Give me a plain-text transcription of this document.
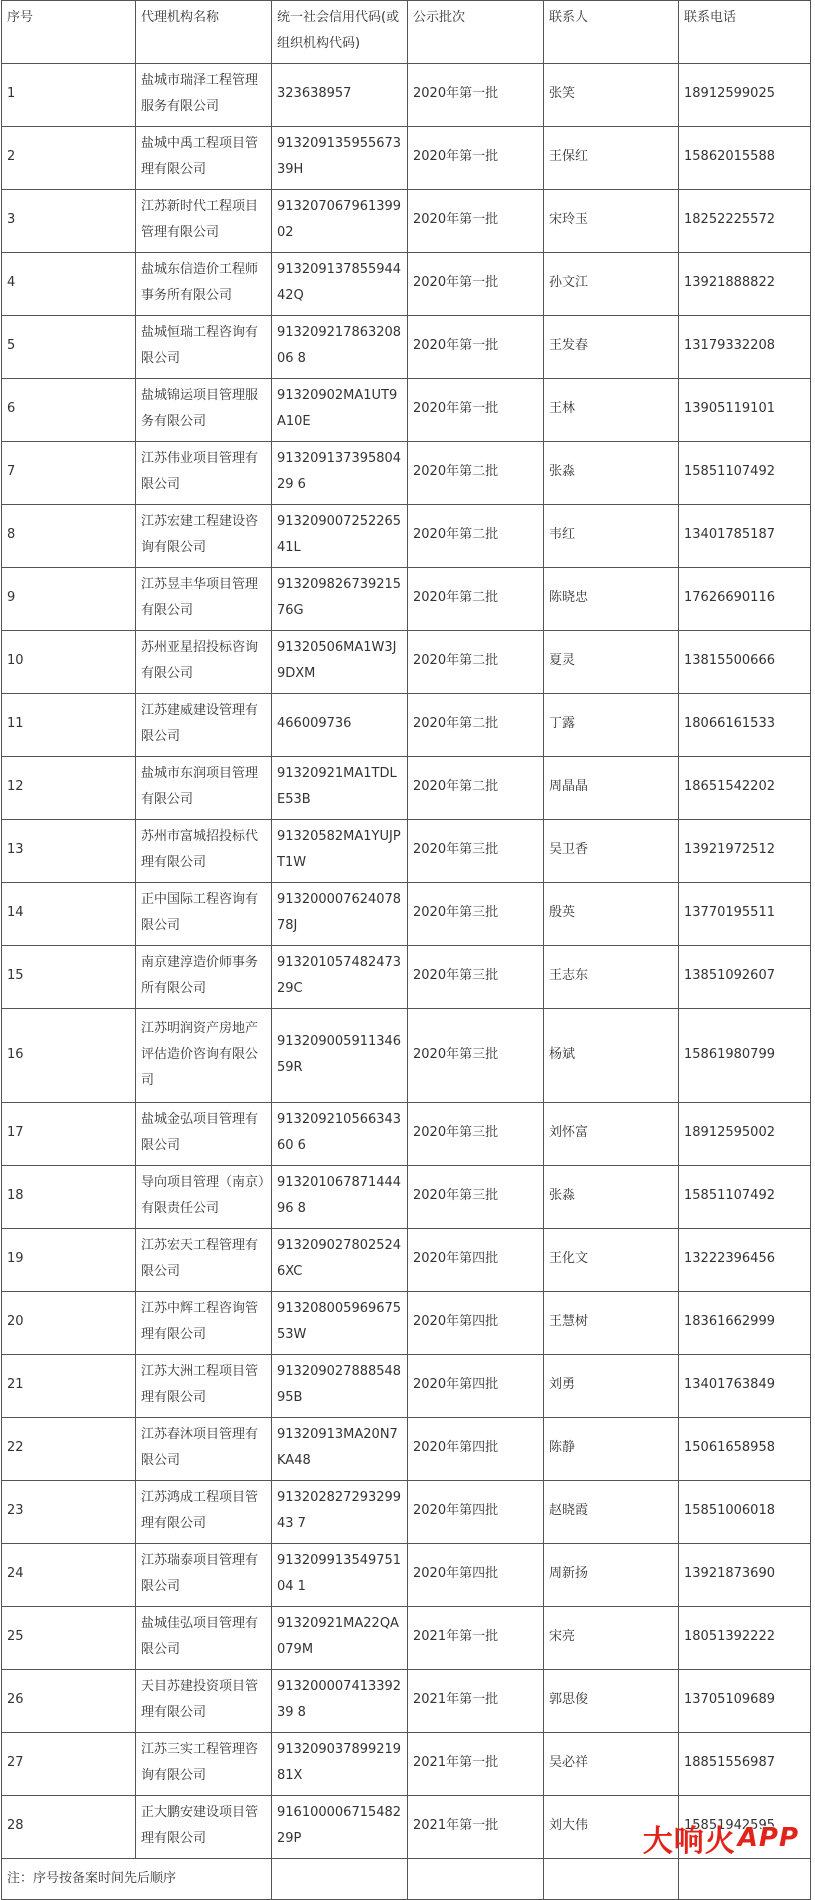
序号	代理机构名称	统一社会信用代码(或组织机构代码)	公示批次	联系人	联系电话
1	盐城市瑞泽工程管理服务有限公司	323638957	2020年第一批	张笑	18912599025
2	盐城中禹工程项目管理有限公司	913209135955673 39H	2020年第一批	王保红	15862015588
3	江苏新时代工程项目管理有限公司	91320706796139902	2020年第一批	宋玲玉	18252225572
4	盐城东信造价工程师事务所有限公司	91320913785594442Q	2020年第一批	孙文江	13921888822
5	盐城恒瑞工程咨询有限公司	91320921786320806 8	2020年第一批	王发春	13179332208
6	盐城锦运项目管理服务有限公司	91320902MA1UT9A10E	2020年第一批	王林	13905119101
7	江苏伟业项目管理有限公司	91320913739580429 6	2020年第二批	张淼	15851107492
8	江苏宏建工程建设咨询有限公司	91320900725226541L	2020年第二批	韦红	13401785187
9	江苏昱丰华项目管理有限公司	91320982673921576G	2020年第二批	陈晓忠	17626690116
10	苏州亚星招投标咨询有限公司	91320506MA1W3J9DXM	2020年第二批	夏灵	13815500666
11	江苏建威建设管理有限公司	466009736	2020年第二批	丁露	18066161533
12	盐城市东润项目管理有限公司	91320921MA1TDLE53B	2020年第二批	周晶晶	18651542202
13	苏州市富城招投标代理有限公司	91320582MA1YUJPT1W	2020年第三批	吴卫香	13921972512
14	正中国际工程咨询有限公司	91320000762407878J	2020年第三批	殷英	13770195511
15	南京建淳造价师事务所有限公司	91320105748247329C	2020年第三批	王志东	13851092607
16	江苏明润资产房地产评估造价咨询有限公司	91320900591134659R	2020年第三批	杨斌	15861980799
17	盐城金弘项目管理有限公司	91320921056634360 6	2020年第三批	刘怀富	18912595002
18	导向项目管理（南京）有限责任公司	91320106787144496 8	2020年第三批	张淼	15851107492
19	江苏宏天工程管理有限公司	913209027802524 6XC	2020年第四批	王化文	13222396456
20	江苏中辉工程咨询管理有限公司	91320800596967553W	2020年第四批	王慧树	18361662999
21	江苏大洲工程项目管理有限公司	91320902788854895B	2020年第四批	刘勇	13401763849
22	江苏春沐项目管理有限公司	91320913MA20N7KA48	2020年第四批	陈静	15061658958
23	江苏鸿成工程项目管理有限公司	91320282729329943 7	2020年第四批	赵晓霞	15851006018
24	江苏瑞泰项目管理有限公司	91320991354975104 1	2020年第四批	周新扬	13921873690
25	盐城佳弘项目管理有限公司	91320921MA22QA079M	2021年第一批	宋亮	18051392222
26	天目苏建投资项目管理有限公司	91320000741339239 8	2021年第一批	郭思俊	13705109689
27	江苏三实工程管理咨询有限公司	91320903789921981X	2021年第一批	吴必祥	18851556987
28	正大鹏安建设项目管理有限公司	91610000671548229P	2021年第一批	刘大伟	15851942595
注：序号按备案时间先后顺序					
大响火 APP
